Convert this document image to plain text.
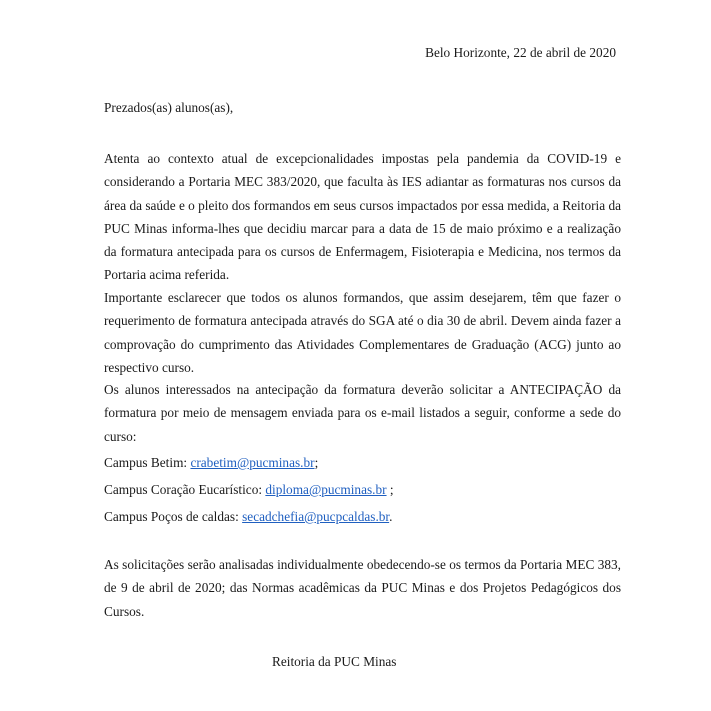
Belo Horizonte, 22 de abril de 2020
Prezados(as) alunos(as),
Atenta ao contexto atual de excepcionalidades impostas pela pandemia da COVID-19 e considerando a Portaria MEC 383/2020, que faculta às IES adiantar as formaturas nos cursos da área da saúde e o pleito dos formandos em seus cursos impactados por essa medida, a Reitoria da PUC Minas informa-lhes que decidiu marcar para a data de 15 de maio próximo e a realização da formatura antecipada para os cursos de Enfermagem, Fisioterapia e Medicina, nos termos da Portaria acima referida.
Importante esclarecer que todos os alunos formandos, que assim desejarem, têm que fazer o requerimento de formatura antecipada através do SGA até o dia 30 de abril. Devem ainda fazer a comprovação do cumprimento das Atividades Complementares de Graduação (ACG) junto ao respectivo curso.
Os alunos interessados na antecipação da formatura deverão solicitar a ANTECIPAÇÃO da formatura por meio de mensagem enviada para os e-mail listados a seguir, conforme a sede do curso:
Campus Betim: crabetim@pucminas.br;
Campus Coração Eucarístico: diploma@pucminas.br ;
Campus Poços de caldas: secadchefia@pucpcaldas.br.
As solicitações serão analisadas individualmente obedecendo-se os termos da Portaria MEC 383, de 9 de abril de 2020; das Normas acadêmicas da PUC Minas e dos Projetos Pedagógicos dos Cursos.
Reitoria da PUC Minas
